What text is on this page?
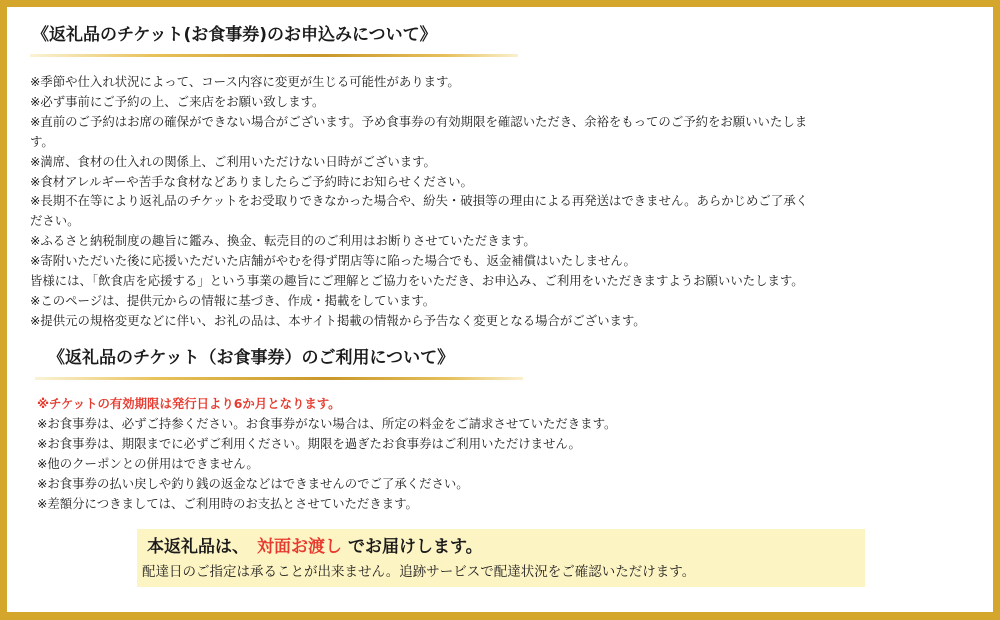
《返礼品のチケット(お食事券)のお申込みについて》
※季節や仕入れ状況によって、コース内容に変更が生じる可能性があります。
※必ず事前にご予約の上、ご来店をお願い致します。
※直前のご予約はお席の確保ができない場合がございます。予め食事券の有効期限を確認いただき、余裕をもってのご予約をお願いいたしま
す。
※満席、食材の仕入れの関係上、ご利用いただけない日時がございます。
※食材アレルギーや苦手な食材などありましたらご予約時にお知らせください。
※長期不在等により返礼品のチケットをお受取りできなかった場合や、紛失・破損等の理由による再発送はできません。あらかじめご了承く
ださい。
※ふるさと納税制度の趣旨に鑑み、換金、転売目的のご利用はお断りさせていただきます。
※寄附いただいた後に応援いただいた店舗がやむを得ず閉店等に陥った場合でも、返金補償はいたしません。
皆様には、「飲食店を応援する」という事業の趣旨にご理解とご協力をいただき、お申込み、ご利用をいただきますようお願いいたします。
※このページは、提供元からの情報に基づき、作成・掲載をしています。
※提供元の規格変更などに伴い、お礼の品は、本サイト掲載の情報から予告なく変更となる場合がございます。
《返礼品のチケット（お食事券）のご利用について》
※チケットの有効期限は発行日より6か月となります。
※お食事券は、必ずご持参ください。お食事券がない場合は、所定の料金をご請求させていただきます。
※お食事券は、期限までに必ずご利用ください。期限を過ぎたお食事券はご利用いただけません。
※他のクーポンとの併用はできません。
※お食事券の払い戻しや釣り銭の返金などはできませんのでご了承ください。
※差額分につきましては、ご利用時のお支払とさせていただきます。
本返礼品は、 対面お渡し でお届けします。
配達日のご指定は承ることが出来ません。追跡サービスで配達状況をご確認いただけます。
